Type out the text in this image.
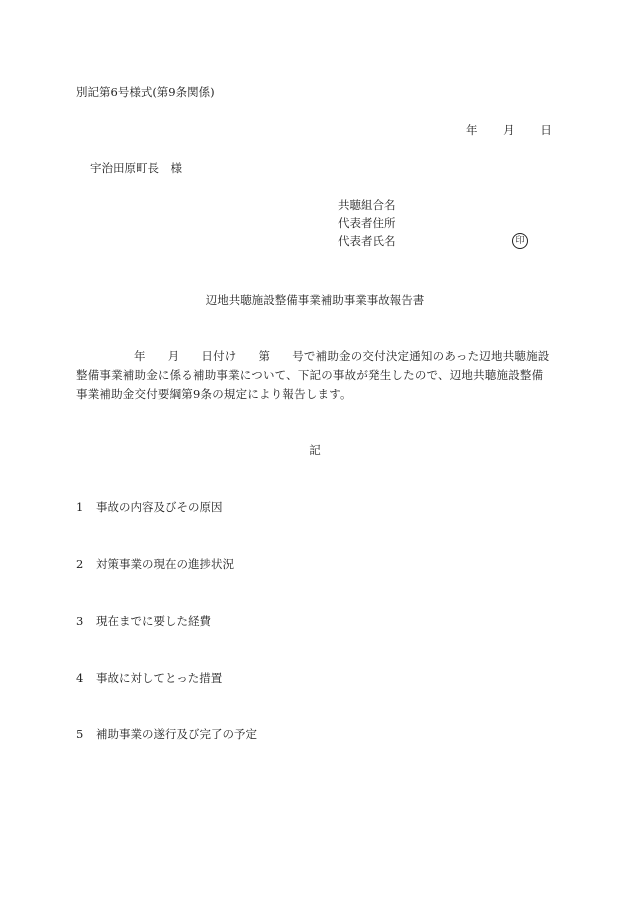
別記第6号様式(第9条関係)
年 月 日
宇治田原町長　様
共聴組合名
代表者住所
代表者氏名	印
辺地共聴施設整備事業補助事業事故報告書
年 月 日付け 第 号で補助金の交付決定通知のあった辺地共聴施設整備事業補助金に係る補助事業について、下記の事故が発生したので、辺地共聴施設整備事業補助金交付要綱第9条の規定により報告します。
記
1 事故の内容及びその原因
2 対策事業の現在の進捗状況
3 現在までに要した経費
4 事故に対してとった措置
5 補助事業の遂行及び完了の予定
